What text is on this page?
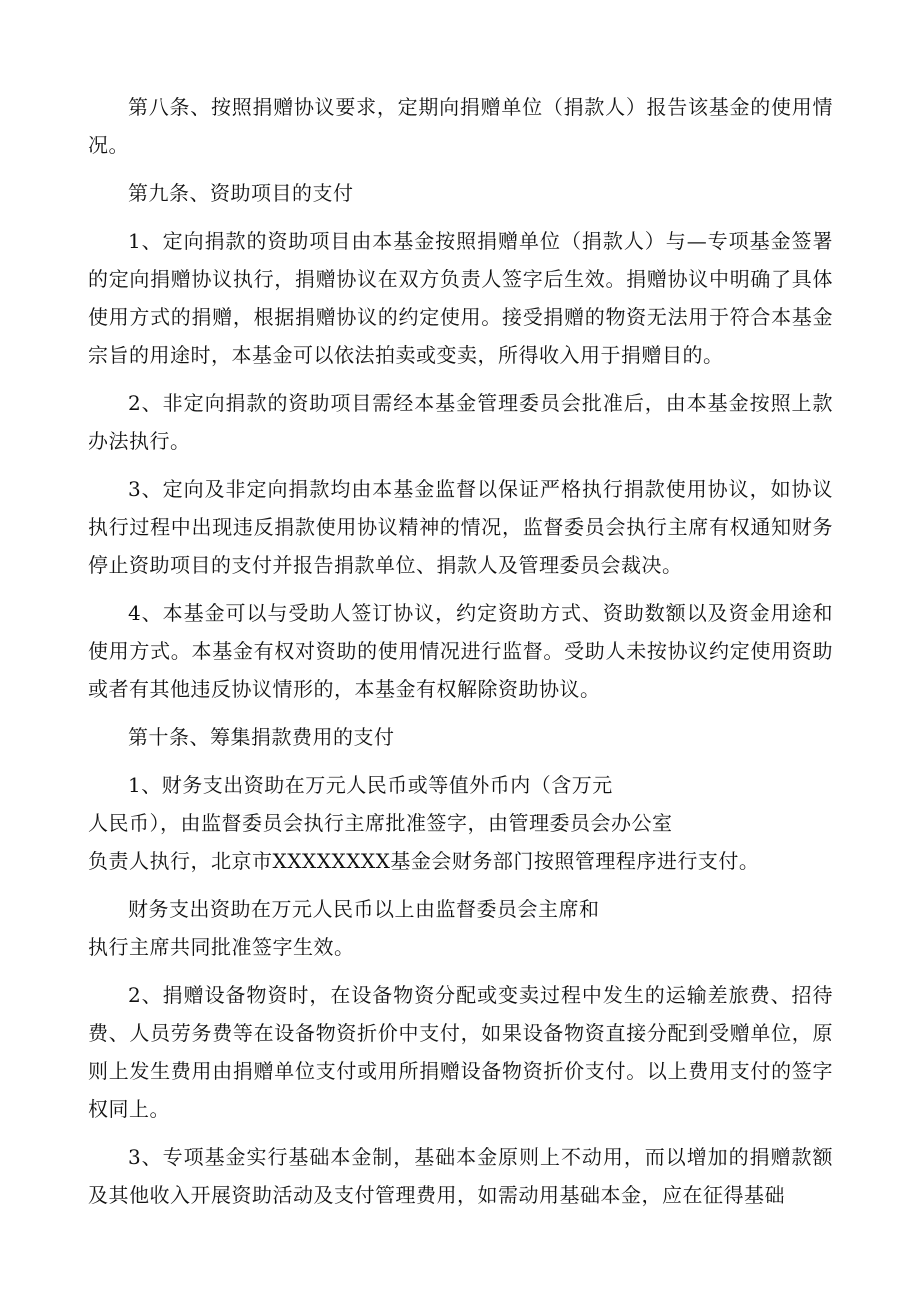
第八条、按照捐赠协议要求，定期向捐赠单位（捐款人）报告该基金的使用情况。

第九条、资助项目的支付

1、定向捐款的资助项目由本基金按照捐赠单位（捐款人）与—专项基金签署的定向捐赠协议执行，捐赠协议在双方负责人签字后生效。捐赠协议中明确了具体使用方式的捐赠，根据捐赠协议的约定使用。接受捐赠的物资无法用于符合本基金宗旨的用途时，本基金可以依法拍卖或变卖，所得收入用于捐赠目的。

2、非定向捐款的资助项目需经本基金管理委员会批准后，由本基金按照上款办法执行。

3、定向及非定向捐款均由本基金监督以保证严格执行捐款使用协议，如协议执行过程中出现违反捐款使用协议精神的情况，监督委员会执行主席有权通知财务停止资助项目的支付并报告捐款单位、捐款人及管理委员会裁决。

4、本基金可以与受助人签订协议，约定资助方式、资助数额以及资金用途和使用方式。本基金有权对资助的使用情况进行监督。受助人未按协议约定使用资助或者有其他违反协议情形的，本基金有权解除资助协议。

第十条、筹集捐款费用的支付

1、财务支出资助在万元人民币或等值外币内（含万元
人民币），由监督委员会执行主席批准签字，由管理委员会办公室
负责人执行，北京市XXXXXXXX基金会财务部门按照管理程序进行支付。
财务支出资助在万元人民币以上由监督委员会主席和
执行主席共同批准签字生效。

2、捐赠设备物资时，在设备物资分配或变卖过程中发生的运输差旅费、招待费、人员劳务费等在设备物资折价中支付，如果设备物资直接分配到受赠单位，原则上发生费用由捐赠单位支付或用所捐赠设备物资折价支付。以上费用支付的签字权同上。

3、专项基金实行基础本金制，基础本金原则上不动用，而以增加的捐赠款额及其他收入开展资助活动及支付管理费用，如需动用基础本金，应在征得基础
